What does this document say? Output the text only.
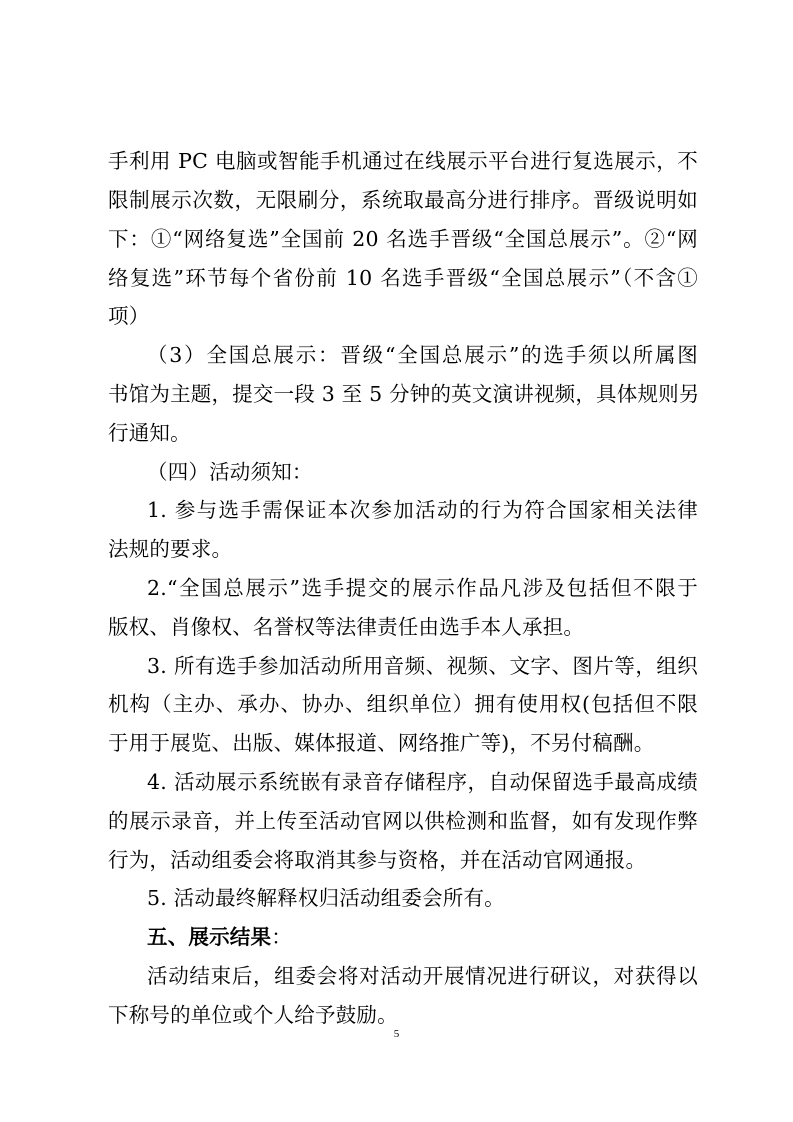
手利用 PC 电脑或智能手机通过在线展示平台进行复选展示，不
限制展示次数，无限刷分，系统取最高分进行排序。晋级说明如
下：①“网络复选”全国前 20 名选手晋级“全国总展示”。②“网
络复选”环节每个省份前 10 名选手晋级“全国总展示”（不含①
项）
（3）全国总展示：晋级“全国总展示”的选手须以所属图
书馆为主题，提交一段 3 至 5 分钟的英文演讲视频，具体规则另
行通知。
（四）活动须知：
1. 参与选手需保证本次参加活动的行为符合国家相关法律
法规的要求。
2.“全国总展示”选手提交的展示作品凡涉及包括但不限于
版权、肖像权、名誉权等法律责任由选手本人承担。
3. 所有选手参加活动所用音频、视频、文字、图片等，组织
机构（主办、承办、协办、组织单位）拥有使用权(包括但不限
于用于展览、出版、媒体报道、网络推广等)，不另付稿酬。
4. 活动展示系统嵌有录音存储程序，自动保留选手最高成绩
的展示录音，并上传至活动官网以供检测和监督，如有发现作弊
行为，活动组委会将取消其参与资格，并在活动官网通报。
5. 活动最终解释权归活动组委会所有。
五、展示结果：
活动结束后，组委会将对活动开展情况进行研议，对获得以
下称号的单位或个人给予鼓励。
5
